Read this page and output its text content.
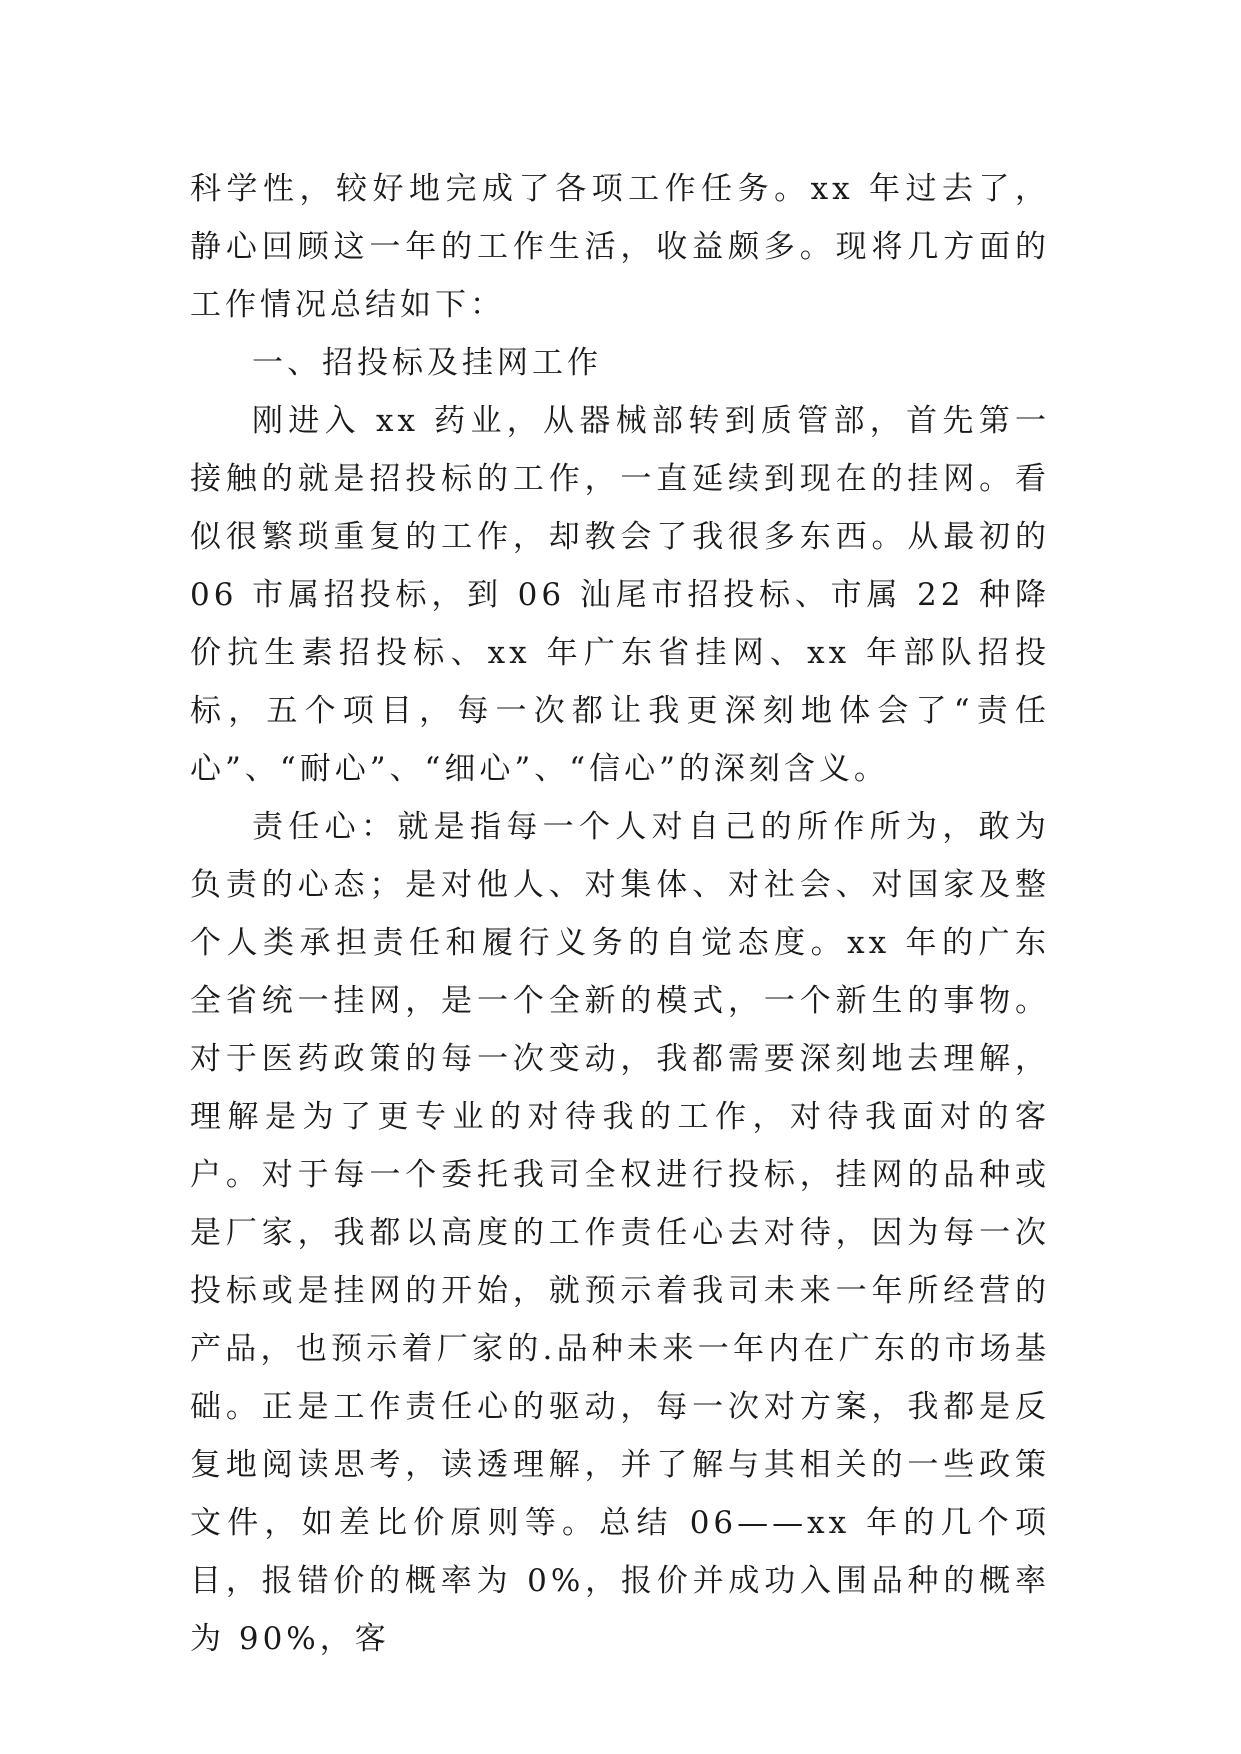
科学性，较好地完成了各项工作任务。xx 年过去了，静心回顾这一年的工作生活，收益颇多。现将几方面的工作情况总结如下：

一、招投标及挂网工作

刚进入 xx 药业，从器械部转到质管部，首先第一接触的就是招投标的工作，一直延续到现在的挂网。看似很繁琐重复的工作，却教会了我很多东西。从最初的 06 市属招投标，到 06 汕尾市招投标、市属 22 种降价抗生素招投标、xx 年广东省挂网、xx 年部队招投标，五个项目，每一次都让我更深刻地体会了“责任心”、“耐心”、“细心”、“信心”的深刻含义。

责任心：就是指每一个人对自己的所作所为，敢为负责的心态；是对他人、对集体、对社会、对国家及整个人类承担责任和履行义务的自觉态度。xx 年的广东全省统一挂网，是一个全新的模式，一个新生的事物。对于医药政策的每一次变动，我都需要深刻地去理解，理解是为了更专业的对待我的工作，对待我面对的客户。对于每一个委托我司全权进行投标，挂网的品种或是厂家，我都以高度的工作责任心去对待，因为每一次投标或是挂网的开始，就预示着我司未来一年所经营的产品，也预示着厂家的.品种未来一年内在广东的市场基础。正是工作责任心的驱动，每一次对方案，我都是反复地阅读思考，读透理解，并了解与其相关的一些政策文件，如差比价原则等。总结 06——xx 年的几个项目，报错价的概率为 0%，报价并成功入围品种的概率为 90%，客
